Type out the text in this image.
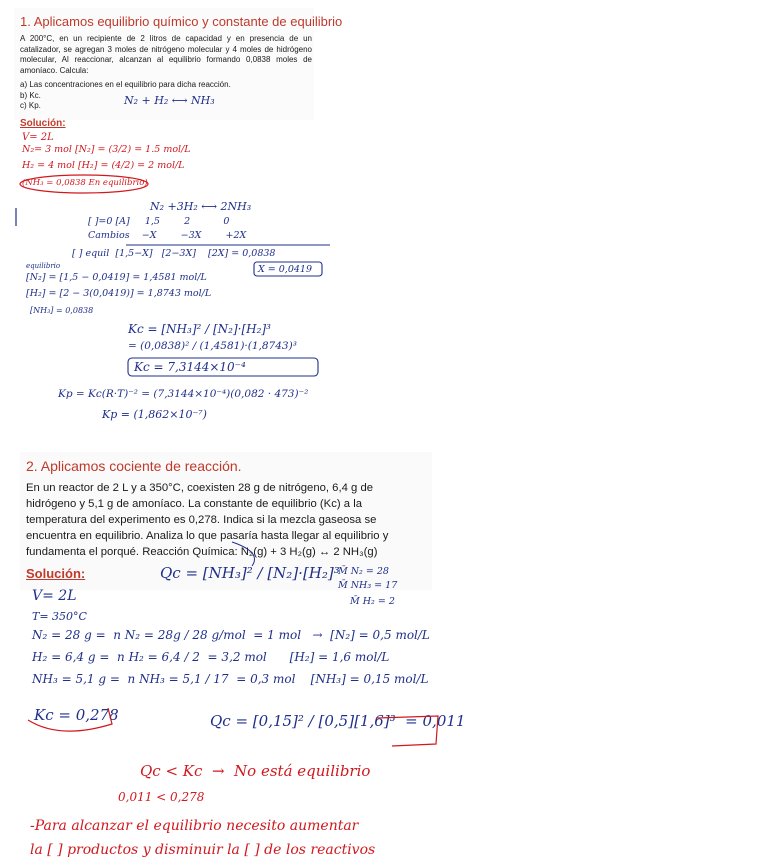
1. Aplicamos equilibrio químico y constante de equilibrio
A 200°C, en un recipiente de 2 litros de capacidad y en presencia de un catalizador, se agregan 3 moles de nitrógeno molecular y 4 moles de hidrógeno molecular, Al reaccionar, alcanzan al equilibrio formando 0,0838 moles de amoníaco. Calcula:
a) Las concentraciones en el equilibrio para dicha reacción.
b) Kc.
c) Kp.	N₂ + H₂ ⟷ NH₃
Solución:
V= 2L
N₂= 3 mol [N₂] = (3/2) = 1.5 mol/L
H₂ = 4 mol [H₂] = (4/2) = 2 mol/L
(NH₃ = 0,0838 En equilibrio)
N₂ +3H₂ ⟷ 2NH₃
[ ]=0 [A]     1,5        2           0
Cambios    −X        −3X        +2X
[ ] equil  [1,5−X]   [2−3X]    [2X] = 0,0838
X = 0,0419
equilibrio
[N₂] = [1,5 − 0,0419] = 1,4581 mol/L
[H₂] = [2 − 3(0,0419)] = 1,8743 mol/L
[NH₃] = 0,0838
Kc = [NH₃]² / [N₂]·[H₂]³
= (0,0838)² / (1,4581)·(1,8743)³
Kc = 7,3144×10⁻⁴
Kp = Kc(R·T)⁻² = (7,3144×10⁻⁴)(0,082 · 473)⁻²
Kp = (1,862×10⁻⁷)
2. Aplicamos cociente de reacción.
En un reactor de 2 L y a 350°C, coexisten 28 g de nitrógeno, 6,4 g de
hidrógeno y 5,1 g de amoníaco. La constante de equilibrio (Kc) a la
temperatura del experimento es 0,278. Indica si la mezcla gaseosa se
encuentra en equilibrio. Analiza lo que pasaría hasta llegar al equilibrio y
fundamenta el porqué. Reacción Química: N₂(g) + 3 H₂(g) ↔ 2 NH₃(g)
Solución:	Qc = [NH₃]² / [N₂]·[H₂]³
M̄ N₂ = 28
M̄ NH₃ = 17
M̄ H₂ = 2
V= 2L
T= 350°C
N₂ = 28 g =  n N₂ = 28g / 28 g/mol  = 1 mol   →  [N₂] = 0,5 mol/L
H₂ = 6,4 g =  n H₂ = 6,4 / 2  = 3,2 mol      [H₂] = 1,6 mol/L
NH₃ = 5,1 g =  n NH₃ = 5,1 / 17  = 0,3 mol    [NH₃] = 0,15 mol/L
Kc = 0,278	Qc = [0,15]² / [0,5][1,6]³  = 0,011
Qc < Kc  →  No está equilibrio
0,011 < 0,278
-Para alcanzar el equilibrio necesito aumentar
la [ ] productos y disminuir la [ ] de los reactivos
